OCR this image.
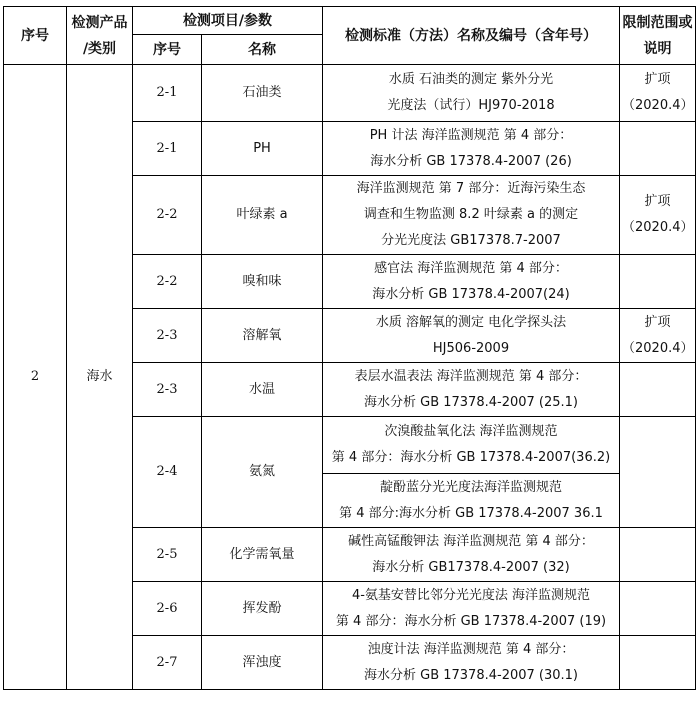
序号	检测产品
/类别	检测项目/参数		检测标准（方法）名称及编号（含年号）	限制范围或
说明

		序号	名称		
2	海水	2-1	石油类	水质 石油类的测定 紫外分光
光度法（试行）HJ970-2018	扩项
（2020.4）

		2-1	PH	PH 计法 海洋监测规范 第 4 部分：
海水分析 GB 17378.4-2007 (26)	

		2-2	叶绿素 a	海洋监测规范 第 7 部分：近海污染生态
调查和生物监测 8.2 叶绿素 a 的测定
分光光度法 GB17378.7-2007	扩项
（2020.4）

		2-2	嗅和味	感官法 海洋监测规范 第 4 部分：
海水分析 GB 17378.4-2007(24)	

		2-3	溶解氧	水质 溶解氧的测定 电化学探头法
HJ506-2009	扩项
（2020.4）

		2-3	水温	表层水温表法 海洋监测规范 第 4 部分：
海水分析 GB 17378.4-2007 (25.1)	

		2-4	氨氮	次溴酸盐氧化法 海洋监测规范
第 4 部分：海水分析 GB 17378.4-2007(36.2)	

				靛酚蓝分光光度法海洋监测规范
第 4 部分:海水分析 GB 17378.4-2007 36.1	

		2-5	化学需氧量	碱性高锰酸钾法 海洋监测规范 第 4 部分：
海水分析 GB17378.4-2007 (32)	

		2-6	挥发酚	4-氨基安替比邻分光光度法 海洋监测规范
第 4 部分：海水分析 GB 17378.4-2007 (19)	

		2-7	浑浊度	浊度计法 海洋监测规范 第 4 部分：
海水分析 GB 17378.4-2007 (30.1)	
